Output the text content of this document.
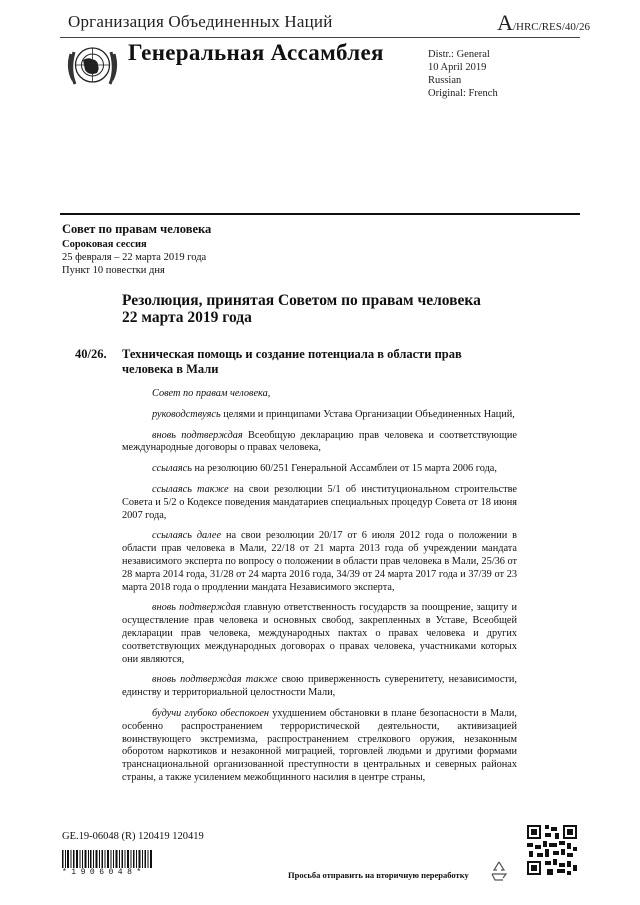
Организация Объединенных Наций	A/HRC/RES/40/26
Генеральная Ассамблея	Distr.: General
10 April 2019
Russian
Original: French
Совет по правам человека
Сороковая сессия
25 февраля – 22 марта 2019 года
Пункт 10 повестки дня
Резолюция, принятая Советом по правам человека
22 марта 2019 года
40/26. Техническая помощь и создание потенциала в области прав
человека в Мали

Совет по правам человека,

руководствуясь целями и принципами Устава Организации Объединенных Наций,

вновь подтверждая Всеобщую декларацию прав человека и соответствующие международные договоры о правах человека,

ссылаясь на резолюцию 60/251 Генеральной Ассамблеи от 15 марта 2006 года,

ссылаясь также на свои резолюции 5/1 об институциональном строительстве Совета и 5/2 о Кодексе поведения мандатариев специальных процедур Совета от 18 июня 2007 года,

ссылаясь далее на свои резолюции 20/17 от 6 июля 2012 года о положении в области прав человека в Мали, 22/18 от 21 марта 2013 года об учреждении мандата независимого эксперта по вопросу о положении в области прав человека в Мали, 25/36 от 28 марта 2014 года, 31/28 от 24 марта 2016 года, 34/39 от 24 марта 2017 года и 37/39 от 23 марта 2018 года о продлении мандата Независимого эксперта,

вновь подтверждая главную ответственность государств за поощрение, защиту и осуществление прав человека и основных свобод, закрепленных в Уставе, Всеобщей декларации прав человека, международных пактах о правах человека и других соответствующих международных договорах о правах человека, участниками которых они являются,

вновь подтверждая также свою приверженность суверенитету, независимости, единству и территориальной целостности Мали,

будучи глубоко обеспокоен ухудшением обстановки в плане безопасности в Мали, особенно распространением террористической деятельности, активизацией воинствующего экстремизма, распространением стрелкового оружия, незаконным оборотом наркотиков и незаконной миграцией, торговлей людьми и другими формами транснациональной организованной преступности в центральных и северных районах страны, а также усилением межобщинного насилия в центре страны,

GE.19-06048 (R) 120419 120419
*1906048*	Просьба отправить на вторичную переработку
